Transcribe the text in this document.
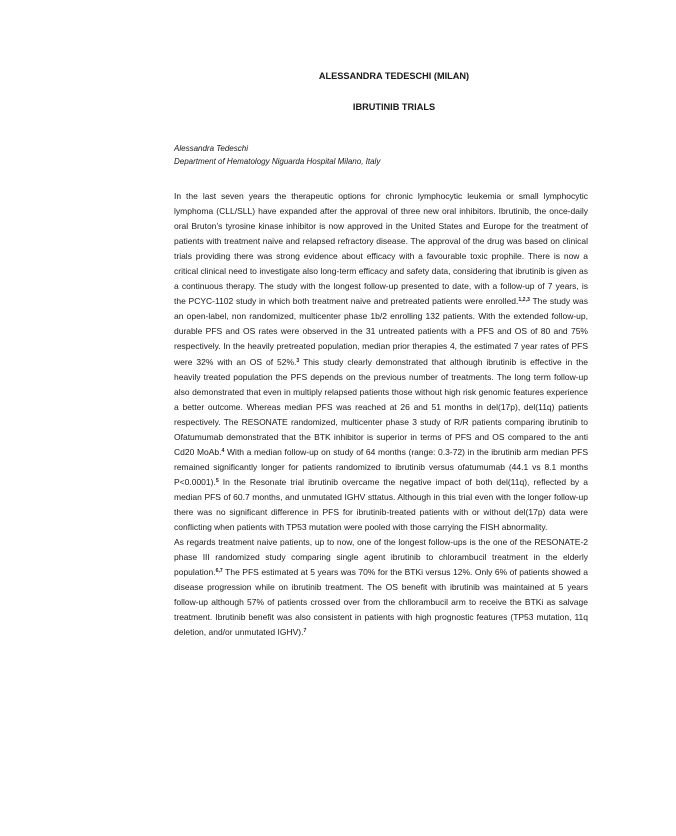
ALESSANDRA TEDESCHI (MILAN)
IBRUTINIB TRIALS
Alessandra Tedeschi
Department of Hematology Niguarda Hospital Milano, Italy

In the last seven years the therapeutic options for chronic lymphocytic leukemia or small lymphocytic lymphoma (CLL/SLL) have expanded after the approval of three new oral inhibitors. Ibrutinib, the once-daily oral Bruton’s tyrosine kinase inhibitor is now approved in the United States and Europe for the treatment of patients with treatment naive and relapsed refractory disease. The approval of the drug was based on clinical trials providing there was strong evidence about efficacy with a favourable toxic prophile. There is now a critical clinical need to investigate also long-term efficacy and safety data, considering that ibrutinib is given as a continuous therapy. The study with the longest follow-up presented to date, with a follow-up of 7 years, is the PCYC-1102 study in which both treatment naive and pretreated patients were enrolled.$^{1,2,3}$ The study was an open-label, non randomized, multicenter phase 1b/2 enrolling 132 patients. With the extended follow-up, durable PFS and OS rates were observed in the 31 untreated patients with a PFS and OS of 80 and 75% respectively. In the heavily pretreated population, median prior therapies 4, the estimated 7 year rates of PFS were 32% with an OS of 52%.$^3$ This study clearly demonstrated that although ibrutinib is effective in the heavily treated population the PFS depends on the previous number of treatments. The long term follow-up also demonstrated that even in multiply relapsed patients those without high risk genomic features experience a better outcome. Whereas median PFS was reached at 26 and 51 months in del(17p), del(11q) patients respectively. The RESONATE randomized, multicenter phase 3 study of R/R patients comparing ibrutinib to Ofatumumab demonstrated that the BTK inhibitor is superior in terms of PFS and OS compared to the anti Cd20 MoAb.$^4$ With a median follow-up on study of 64 months (range: 0.3-72) in the ibrutinib arm median PFS remained significantly longer for patients randomized to ibrutinib versus ofatumumab (44.1 vs 8.1 months P<0.0001).$^5$ In the Resonate trial ibrutinib overcame the negative impact of both del(11q), reflected by a median PFS of 60.7 months, and unmutated IGHV sttatus. Although in this trial even with the longer follow-up there was no significant difference in PFS for ibrutinib-treated patients with or without del(17p) data were conflicting when patients with TP53 mutation were pooled with those carrying the FISH abnormality.

As regards treatment naive patients, up to now, one of the longest follow-ups is the one of the RESONATE-2 phase III randomized study comparing single agent ibrutinib to chlorambucil treatment in the elderly population.$^{6,7}$ The PFS estimated at 5 years was 70% for the BTKi versus 12%. Only 6% of patients showed a disease progression while on ibrutinib treatment. The OS benefit with ibrutinib was maintained at 5 years follow-up although 57% of patients crossed over from the chllorambucil arm to receive the BTKi as salvage treatment. Ibrutinib benefit was also consistent in patients with high prognostic features (TP53 mutation, 11q deletion, and/or unmutated IGHV).$^7$
